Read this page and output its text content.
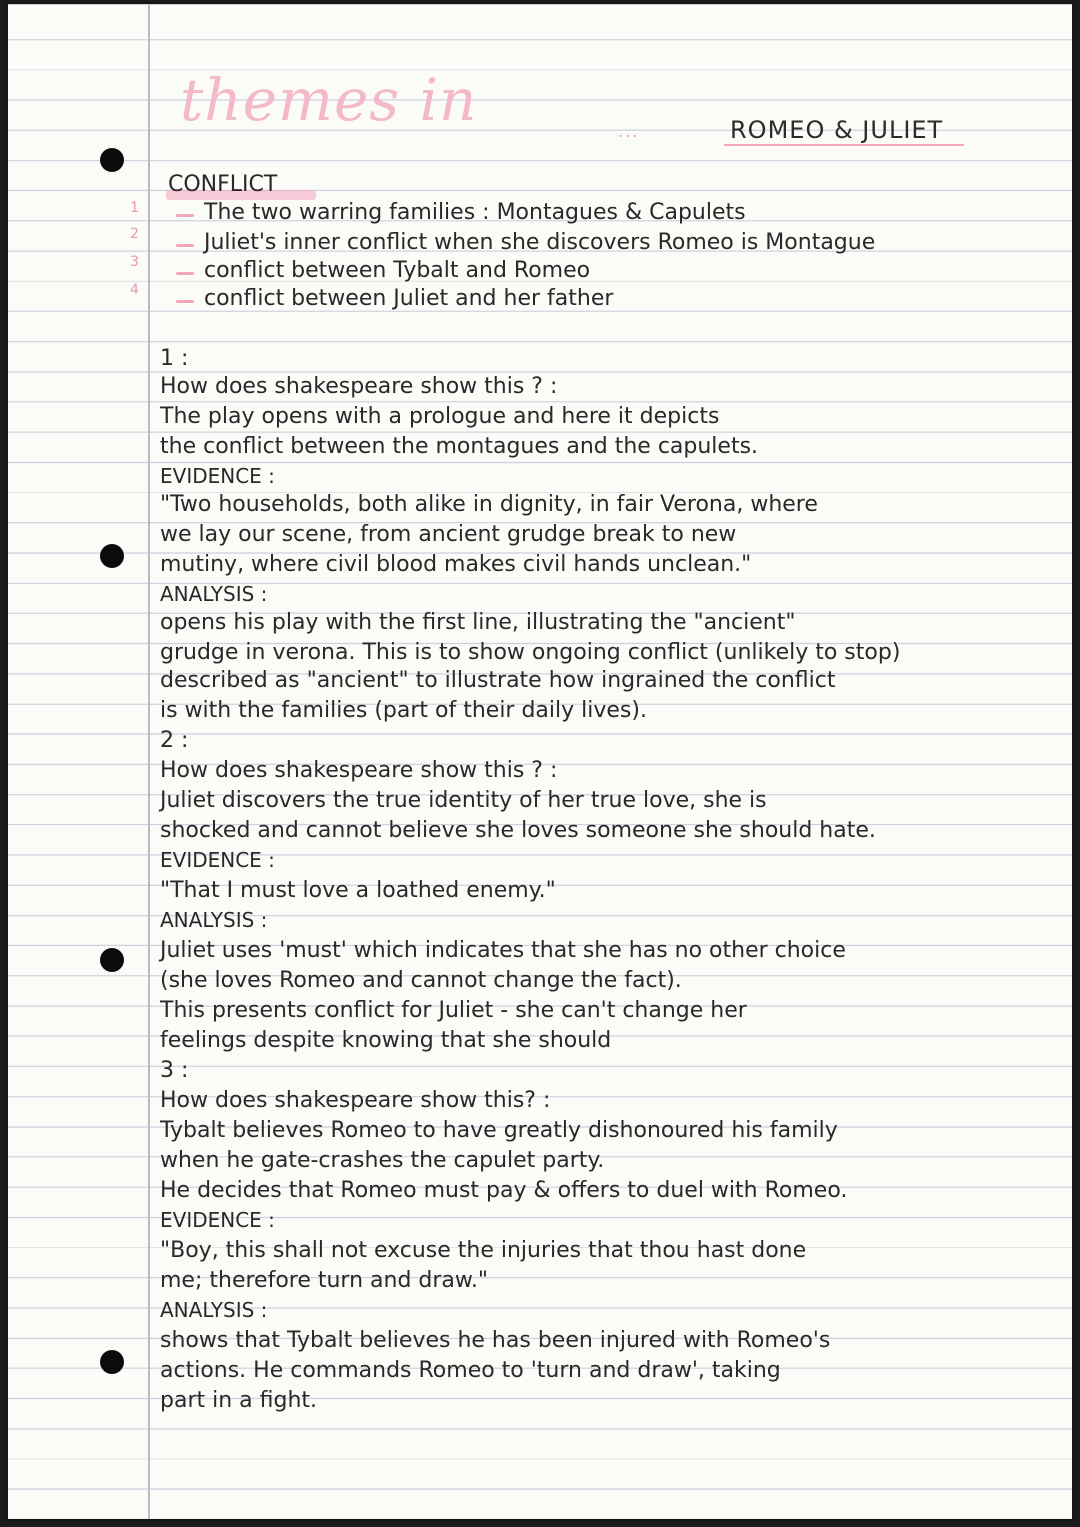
themes in	...	ROMEO & JULIET
1
2
3
4
CONFLICT
The two warring families : Montagues & Capulets
Juliet's inner conflict when she discovers Romeo is Montague
conflict between Tybalt and Romeo
conflict between Juliet and her father
1 :
How does shakespeare show this ? :
The play opens with a prologue and here it depicts
the conflict between the montagues and the capulets.
EVIDENCE :
"Two households, both alike in dignity, in fair Verona, where
we lay our scene, from ancient grudge break to new
mutiny, where civil blood makes civil hands unclean."
ANALYSIS :
opens his play with the first line, illustrating the "ancient"
grudge in verona. This is to show ongoing conflict (unlikely to stop)
described as "ancient" to illustrate how ingrained the conflict
is with the families (part of their daily lives).
2 :
How does shakespeare show this ? :
Juliet discovers the true identity of her true love, she is
shocked and cannot believe she loves someone she should hate.
EVIDENCE :
"That I must love a loathed enemy."
ANALYSIS :
Juliet uses 'must' which indicates that she has no other choice
(she loves Romeo and cannot change the fact).
This presents conflict for Juliet - she can't change her
feelings despite knowing that she should
3 :
How does shakespeare show this? :
Tybalt believes Romeo to have greatly dishonoured his family
when he gate-crashes the capulet party.
He decides that Romeo must pay & offers to duel with Romeo.
EVIDENCE :
"Boy, this shall not excuse the injuries that thou hast done
me; therefore turn and draw."
ANALYSIS :
shows that Tybalt believes he has been injured with Romeo's
actions. He commands Romeo to 'turn and draw', taking
part in a fight.
